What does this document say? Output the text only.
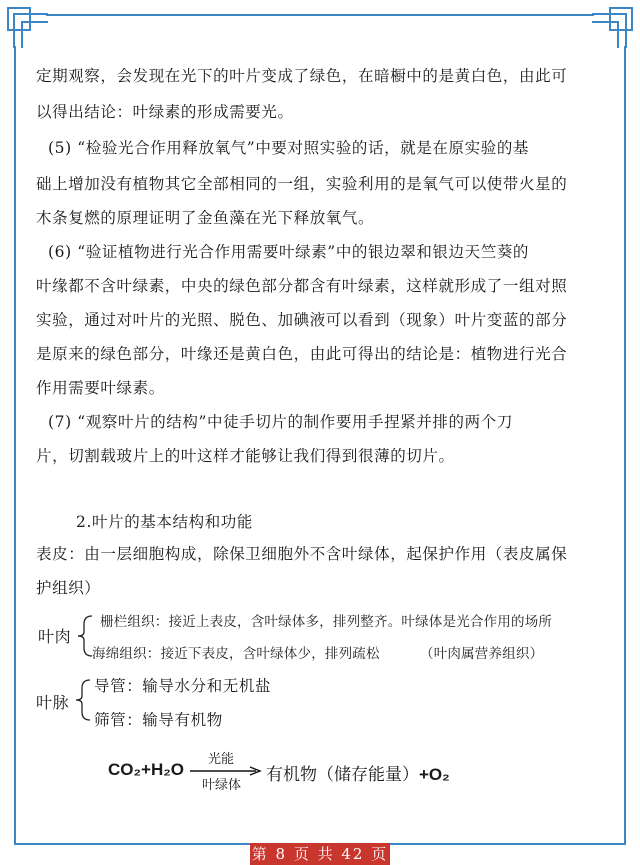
定期观察，会发现在光下的叶片变成了绿色，在暗橱中的是黄白色，由此可
以得出结论：叶绿素的形成需要光。
(5) “检验光合作用释放氧气”中要对照实验的话，就是在原实验的基
础上增加没有植物其它全部相同的一组，实验利用的是氧气可以使带火星的
木条复燃的原理证明了金鱼藻在光下释放氧气。
(6) “验证植物进行光合作用需要叶绿素”中的银边翠和银边天竺葵的
叶缘都不含叶绿素，中央的绿色部分都含有叶绿素，这样就形成了一组对照
实验，通过对叶片的光照、脱色、加碘液可以看到（现象）叶片变蓝的部分
是原来的绿色部分，叶缘还是黄白色，由此可得出的结论是：植物进行光合
作用需要叶绿素。
(7) “观察叶片的结构”中徒手切片的制作要用手捏紧并排的两个刀
片，切割载玻片上的叶这样才能够让我们得到很薄的切片。
2.叶片的基本结构和功能
表皮：由一层细胞构成，除保卫细胞外不含叶绿体，起保护作用（表皮属保
护组织）
叶肉
栅栏组织：接近上表皮，含叶绿体多，排列整齐。叶绿体是光合作用的场所
海绵组织：接近下表皮，含叶绿体少，排列疏松	（叶肉属营养组织）
叶脉
导管：输导水分和无机盐
筛管：输导有机物
CO₂+H₂O
光能
叶绿体
有机物（储存能量）+O₂
第 8 页 共 42 页
